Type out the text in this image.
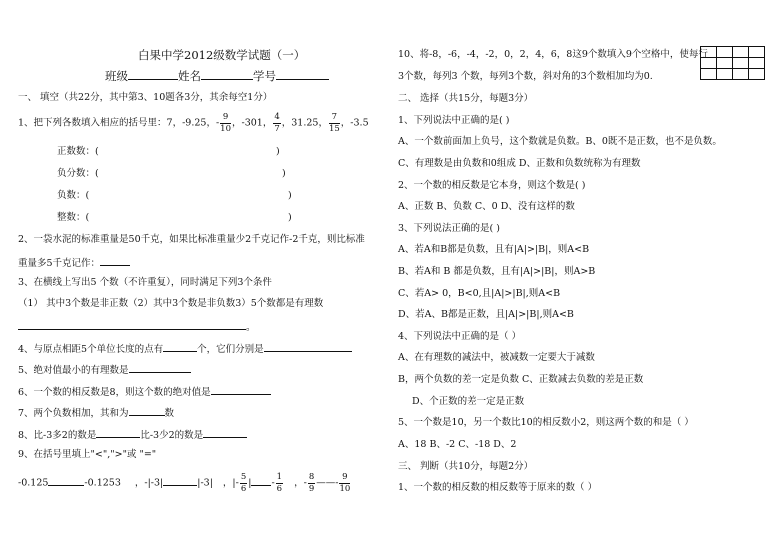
白果中学2012级数学试题（一）
班级	姓名	学号
一、 填空（共22分，其中第3、10题各3分，其余每空1分）
1、把下列各数填入相应的括号里：7，-9.25，- $\frac{9}{10}$ ，-301， $\frac{4}{7}$ ，31.25， $\frac{7}{15}$ ，-3.5
正数数：(	)
负分数：(	)
负数：(	)
整数：(	)
2、一袋水泥的标准重量是50千克，如果比标准重量少2千克记作-2千克，则比标准
重量多5千克记作：
3、在横线上写出5 个数（不许重复），同时满足下列3个条件
（1） 其中3个数是非正数（2）其中3个数是非负数3）5个数都是有理数
。
4、与原点相距5个单位长度的点有	个，它们分别是
5、绝对值最小的有理数是
6、一个数的相反数是8，则这个数的绝对值是
7、两个负数相加，其和为	数
8、比-3多2的数是	比-3少2的数是
9、在括号里填上"<",">"或 "="
-0.125	-0.1253 ，-|-3|	|-3| ，|- $\frac{5}{6}$ | - $\frac{1}{6}$ ，- $\frac{8}{9}$ ——- $\frac{9}{10}$
10、将-8，-6，-4，-2，0，2，4，6，8这9个数填入9个空格中，使每行
3个数，每列3 个数，每列3个数，斜对角的3个数相加均为0.

二、 选择（共15分，每题3分）
1、下列说法中正确的是( )
A、一个数前面加上负号，这个数就是负数。B、0既不是正数，也不是负数。
C、有理数是由负数和0组成 D、正数和负数统称为有理数
2、一个数的相反数是它本身，则这个数是( )
A、正数 B、负数 C、0 D、没有这样的数
3、下列说法正确的是( )
A、若A和B都是负数，且有|A|>|B|，则A<B
B、若A和 B 都是负数，且有|A|>|B|，则A>B
C、若A> 0，B<0,且|A|>|B|,则A<B
D、若A、B都是正数，且|A|>|B|,则A<B
4、下列说法中正确的是（ ）
A、在有理数的减法中，被减数一定要大于减数
B，两个负数的差一定是负数 C、正数减去负数的差是正数
D、个正数的差一定是正数
5、一个数是10，另一个数比10的相反数小2，则这两个数的和是（ ）
A、18 B、-2 C、-18 D、2
三、 判断（共10分，每题2分）
1、一个数的相反数的相反数等于原来的数（ ）
